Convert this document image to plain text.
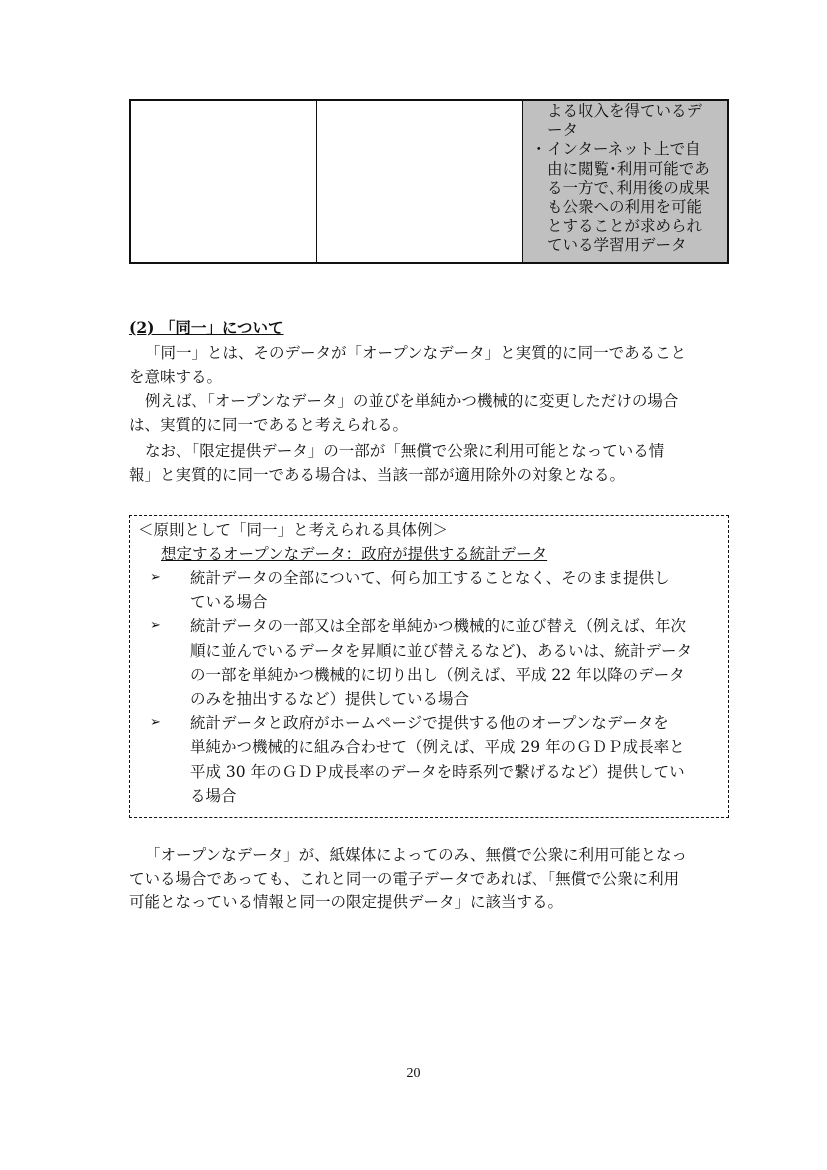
よる収入を得ているデ
ータ
・インターネット上で自
由に閲覧･利用可能であ
る一方で､利用後の成果
も公衆への利用を可能
とすることが求められ
ている学習用データ
(2) 「同一」について
「同一」とは、そのデータが「オープンなデータ」と実質的に同一であること
を意味する。
例えば､「オープンなデータ」の並びを単純かつ機械的に変更しただけの場合
は、実質的に同一であると考えられる。
なお､「限定提供データ」の一部が「無償で公衆に利用可能となっている情
報」と実質的に同一である場合は、当該一部が適用除外の対象となる。
＜原則として「同一」と考えられる具体例＞
想定するオープンなデータ：政府が提供する統計データ
➢	統計データの全部について、何ら加工することなく、そのまま提供し
ている場合
➢	統計データの一部又は全部を単純かつ機械的に並び替え（例えば、年次
順に並んでいるデータを昇順に並び替えるなど)、あるいは、統計データ
の一部を単純かつ機械的に切り出し（例えば、平成 22 年以降のデータ
のみを抽出するなど）提供している場合
➢	統計データと政府がホームページで提供する他のオープンなデータを
単純かつ機械的に組み合わせて（例えば、平成 29 年のＧＤＰ成長率と
平成 30 年のＧＤＰ成長率のデータを時系列で繋げるなど）提供してい
る場合
「オープンなデータ」が、紙媒体によってのみ、無償で公衆に利用可能となっ
ている場合であっても、これと同一の電子データであれば､「無償で公衆に利用
可能となっている情報と同一の限定提供データ」に該当する。
20
